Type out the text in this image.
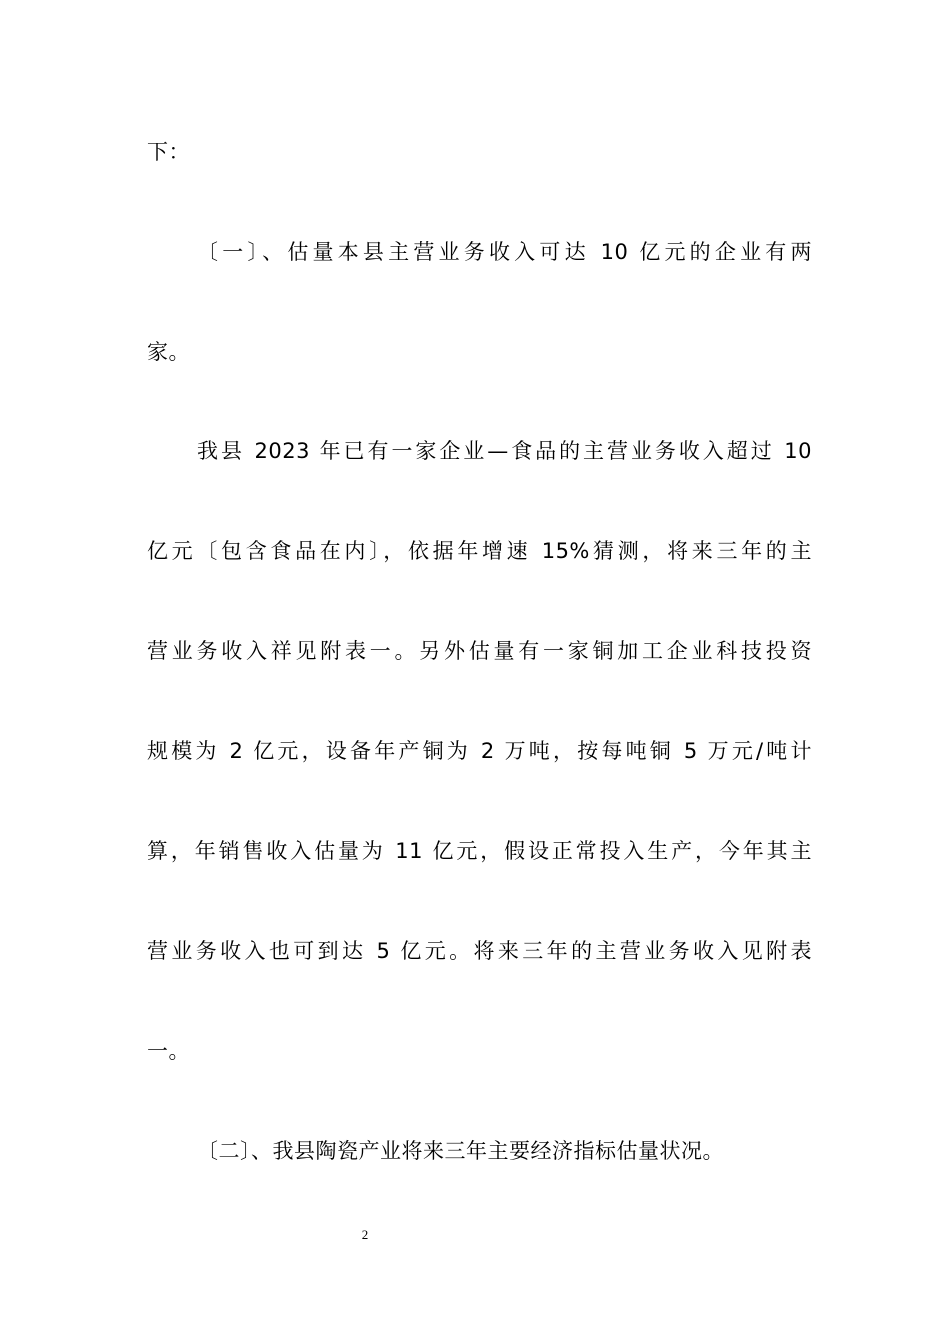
下：
〔一〕、估量本县主营业务收入可达 10 亿元的企业有两
家。
我县 2023 年已有一家企业—食品的主营业务收入超过 10
亿元〔包含食品在内〕，依据年增速 15%猜测，将来三年的主
营业务收入祥见附表一。另外估量有一家铜加工企业科技投资
规模为 2 亿元，设备年产铜为 2 万吨，按每吨铜 5 万元/吨计
算，年销售收入估量为 11 亿元，假设正常投入生产，今年其主
营业务收入也可到达 5 亿元。将来三年的主营业务收入见附表
一。
〔二〕、我县陶瓷产业将来三年主要经济指标估量状况。
2
